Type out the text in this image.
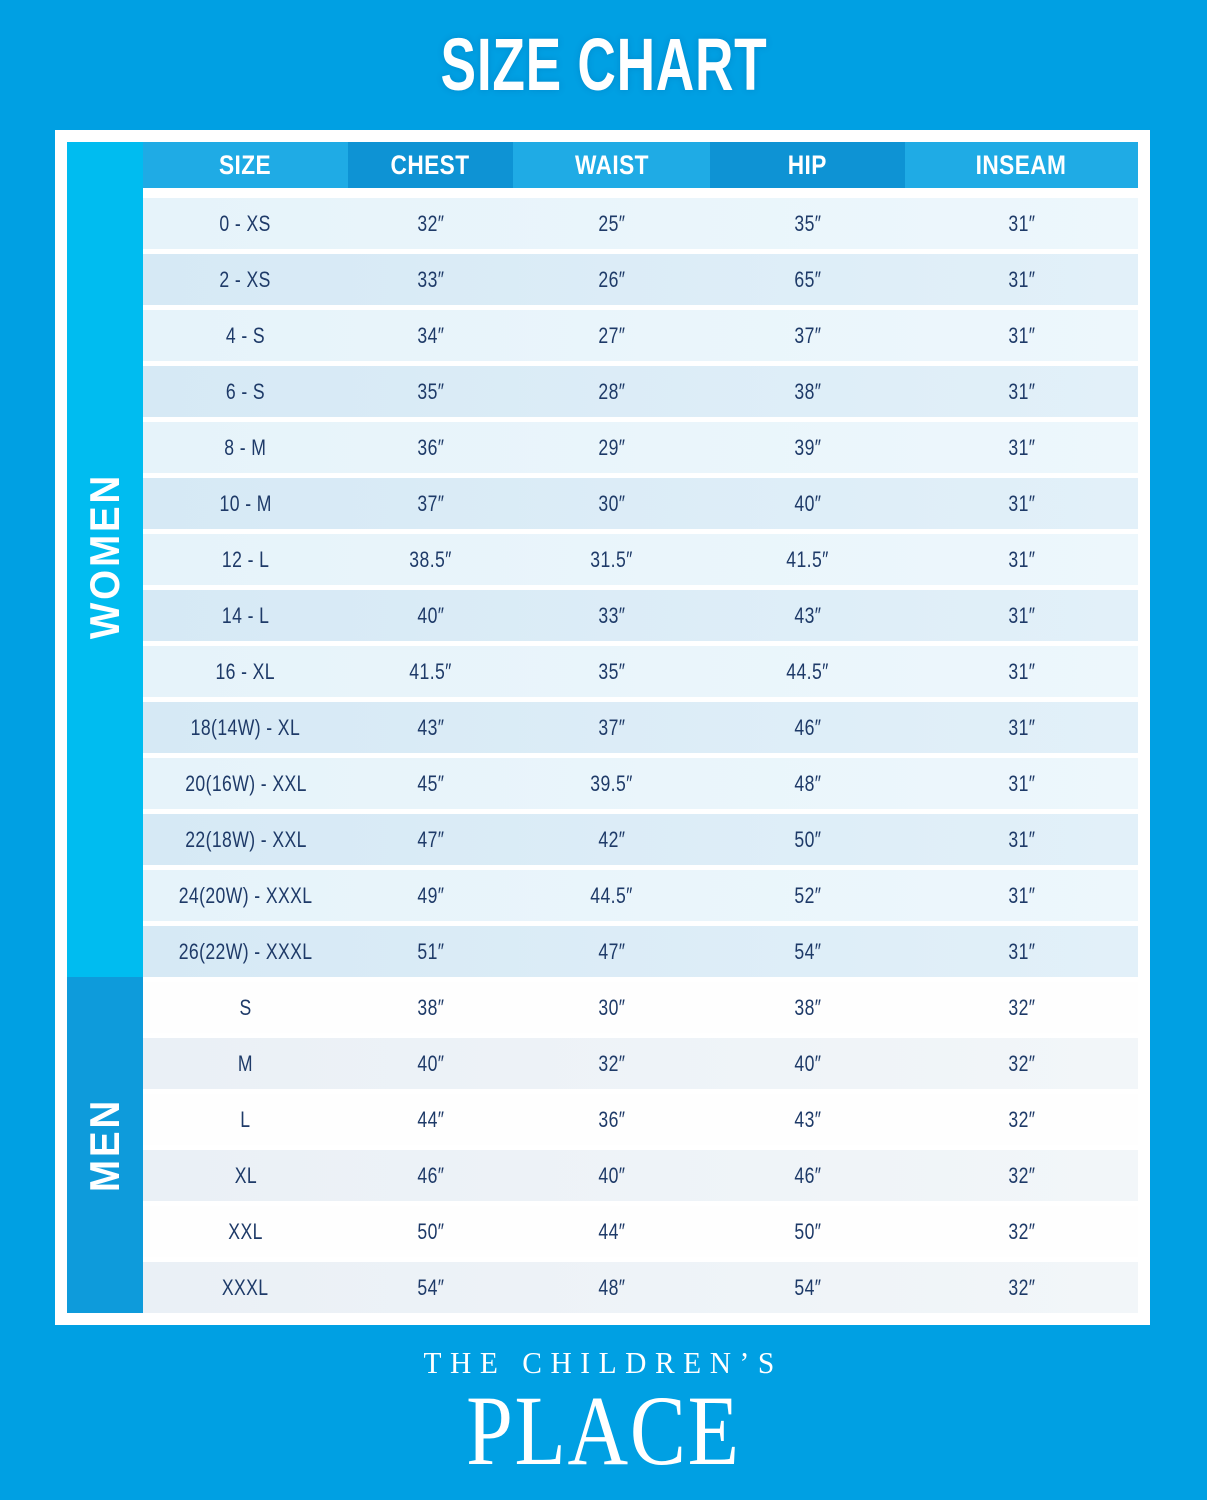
SIZE CHART
WOMEN
MEN
SIZE	CHEST	WAIST	HIP	INSEAM
0 - XS	32″	25″	35″	31″
2 - XS	33″	26″	65″	31″
4 - S	34″	27″	37″	31″
6 - S	35″	28″	38″	31″
8 - M	36″	29″	39″	31″
10 - M	37″	30″	40″	31″
12 - L	38.5″	31.5″	41.5″	31″
14 - L	40″	33″	43″	31″
16 - XL	41.5″	35″	44.5″	31″
18(14W) - XL	43″	37″	46″	31″
20(16W) - XXL	45″	39.5″	48″	31″
22(18W) - XXL	47″	42″	50″	31″
24(20W) - XXXL	49″	44.5″	52″	31″
26(22W) - XXXL	51″	47″	54″	31″
S	38″	30″	38″	32″
M	40″	32″	40″	32″
L	44″	36″	43″	32″
XL	46″	40″	46″	32″
XXL	50″	44″	50″	32″
XXXL	54″	48″	54″	32″
THE CHILDREN’S
PLACE
